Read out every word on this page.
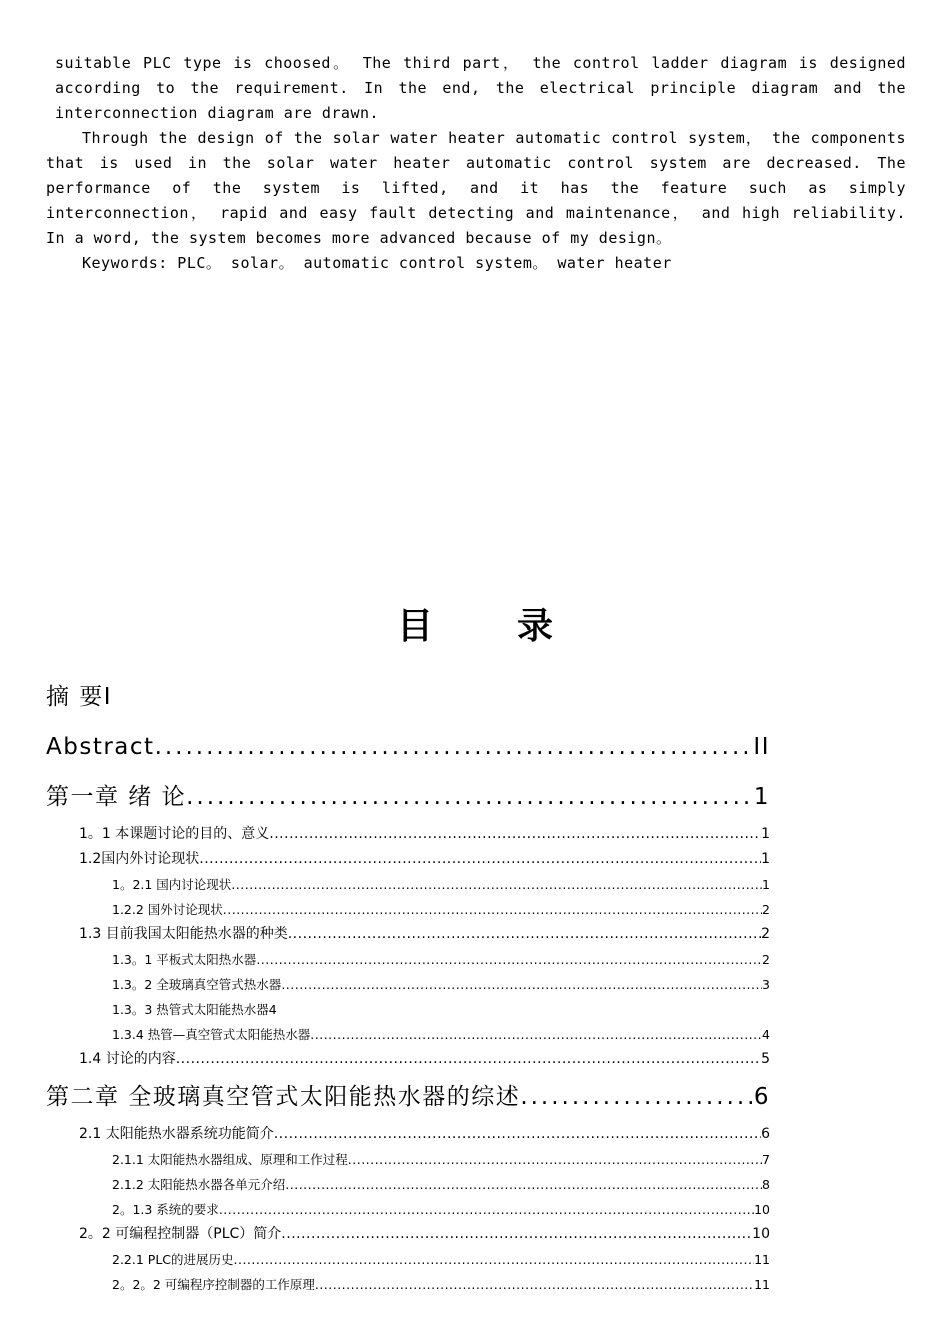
suitable PLC type is choosed。 The third part， the control ladder diagram is designed according to the requirement. In the end, the electrical principle diagram and the interconnection diagram are drawn.

Through the design of the solar water heater automatic control system， the components that is used in the solar water heater automatic control system are decreased. The performance of the system is lifted, and it has the feature such as simply interconnection， rapid and easy fault detecting and maintenance， and high reliability. In a word, the system becomes more advanced because of my design。

Keywords: PLC。 solar。 automatic control system。 water heater

目 录
摘 要I
Abstract .....	II
第一章 绪 论 .....	1
1。1 本课题讨论的目的、意义 .....	1
1.2国内外讨论现状 .....	1
1。2.1 国内讨论现状 .....	1
1.2.2 国外讨论现状 .....	2
1.3 目前我国太阳能热水器的种类 .....	2
1.3。1 平板式太阳热水器 .....	2
1.3。2 全玻璃真空管式热水器 .....	3
1.3。3 热管式太阳能热水器4
1.3.4 热管—真空管式太阳能热水器 .....	4
1.4 讨论的内容 .....	5
第二章 全玻璃真空管式太阳能热水器的综述 .....	6
2.1 太阳能热水器系统功能简介 .....	6
2.1.1 太阳能热水器组成、原理和工作过程 .....	7
2.1.2 太阳能热水器各单元介绍 .....	8
2。1.3 系统的要求 .....	10
2。2 可编程控制器（PLC）简介 .....	10
2.2.1 PLC的进展历史 .....	11
2。2。2 可编程序控制器的工作原理 .....	11
